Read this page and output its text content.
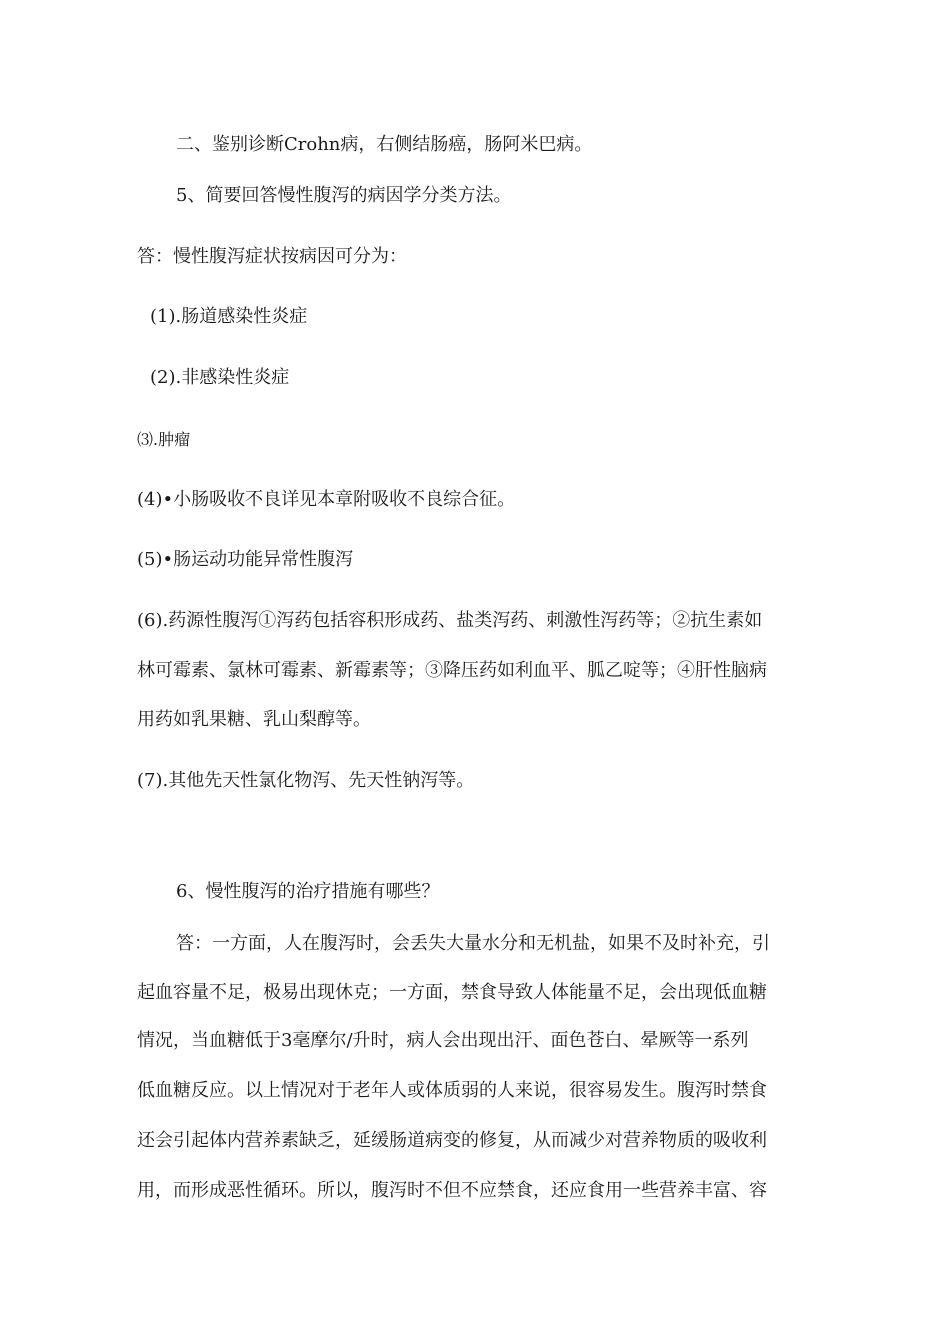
二、鉴别诊断Crohn病，右侧结肠癌，肠阿米巴病。
5、简要回答慢性腹泻的病因学分类方法。
答：慢性腹泻症状按病因可分为：
(1).肠道感染性炎症
(2).非感染性炎症
⑶.肿瘤
(4)•小肠吸收不良详见本章附吸收不良综合征。
(5)•肠运动功能异常性腹泻
(6).药源性腹泻①泻药包括容积形成药、盐类泻药、刺激性泻药等；②抗生素如
林可霉素、氯林可霉素、新霉素等；③降压药如利血平、胍乙啶等；④肝性脑病
用药如乳果糖、乳山梨醇等。
(7).其他先天性氯化物泻、先天性钠泻等。
6、慢性腹泻的治疗措施有哪些？
答：一方面，人在腹泻时，会丢失大量水分和无机盐，如果不及时补充，引
起血容量不足，极易出现休克；一方面，禁食导致人体能量不足，会出现低血糖
情况，当血糖低于3毫摩尔/升时，病人会出现出汗、面色苍白、晕厥等一系列
低血糖反应。以上情况对于老年人或体质弱的人来说，很容易发生。腹泻时禁食
还会引起体内营养素缺乏，延缓肠道病变的修复，从而减少对营养物质的吸收利
用，而形成恶性循环。所以，腹泻时不但不应禁食，还应食用一些营养丰富、容
